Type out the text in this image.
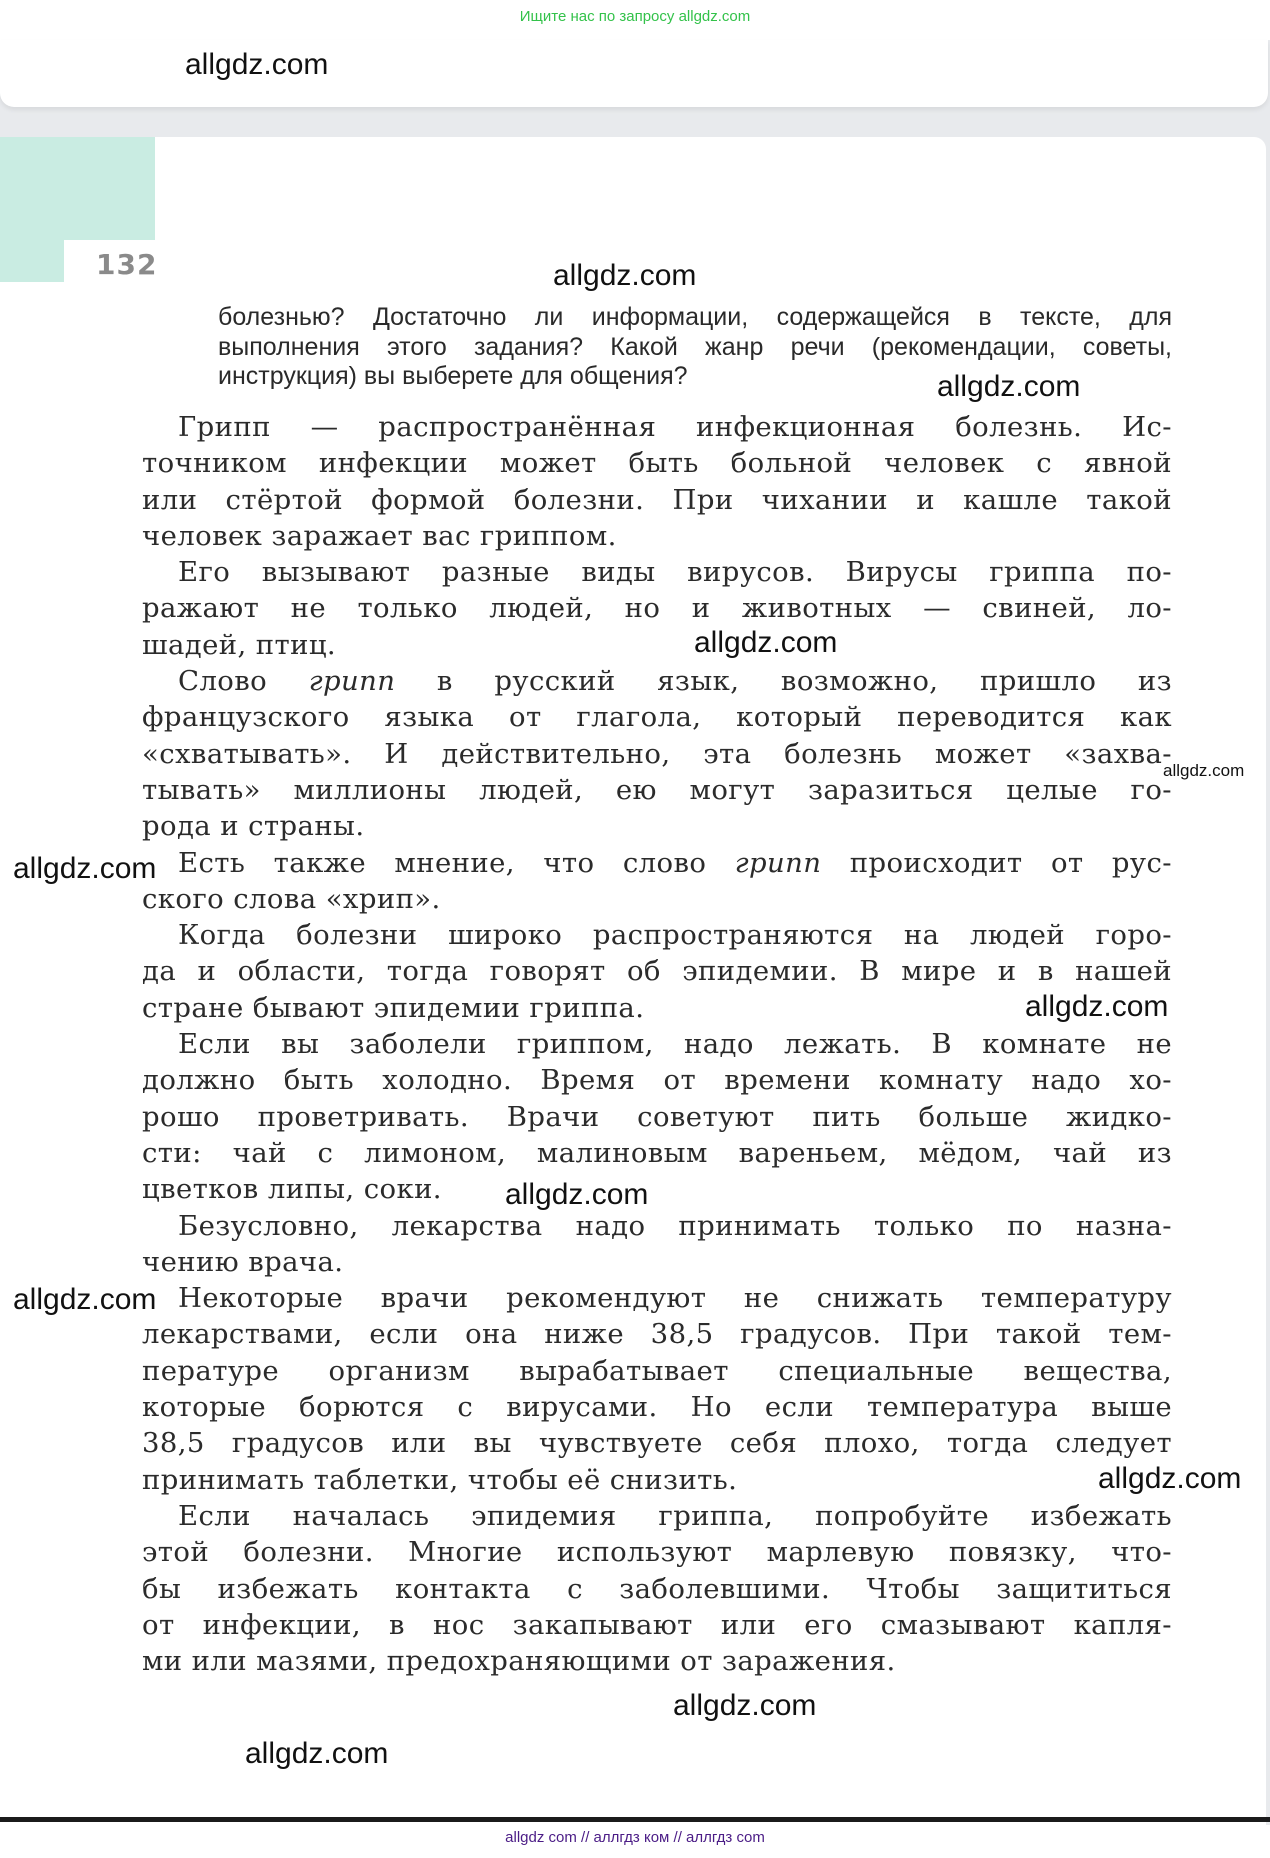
Ищите нас по запросу allgdz.com
allgdz.com
132
болезнью? Достаточно ли информации, содержащейся в тексте, для
выполнения этого задания? Какой жанр речи (рекомендации, советы,
инструкция) вы выберете для общения?
Грипп — распространённая инфекционная болезнь. Ис-
точником инфекции может быть больной человек с явной
или стёртой формой болезни. При чихании и кашле такой
человек заражает вас гриппом.
Его вызывают разные виды вирусов. Вирусы гриппа по-
ражают не только людей, но и животных — свиней, ло-
шадей, птиц.
Слово грипп в русский язык, возможно, пришло из
французского языка от глагола, который переводится как
«схватывать». И действительно, эта болезнь может «захва-
тывать» миллионы людей, ею могут заразиться целые го-
рода и страны.
Есть также мнение, что слово грипп происходит от рус-
ского слова «хрип».
Когда болезни широко распространяются на людей горо-
да и области, тогда говорят об эпидемии. В мире и в нашей
стране бывают эпидемии гриппа.
Если вы заболели гриппом, надо лежать. В комнате не
должно быть холодно. Время от времени комнату надо хо-
рошо проветривать. Врачи советуют пить больше жидко-
сти: чай с лимоном, малиновым вареньем, мёдом, чай из
цветков липы, соки.
Безусловно, лекарства надо принимать только по назна-
чению врача.
Некоторые врачи рекомендуют не снижать температуру
лекарствами, если она ниже 38,5 градусов. При такой тем-
пературе организм вырабатывает специальные вещества,
которые борются с вирусами. Но если температура выше
38,5 градусов или вы чувствуете себя плохо, тогда следует
принимать таблетки, чтобы её снизить.
Если началась эпидемия гриппа, попробуйте избежать
этой болезни. Многие используют марлевую повязку, что-
бы избежать контакта с заболевшими. Чтобы защититься
от инфекции, в нос закапывают или его смазывают капля-
ми или мазями, предохраняющими от заражения.
allgdz.com
allgdz.com
allgdz.com
allgdz.com
allgdz.com
allgdz.com
allgdz.com
allgdz.com
allgdz.com
allgdz.com
allgdz.com
allgdz com // аллгдз ком // аллгдз com
